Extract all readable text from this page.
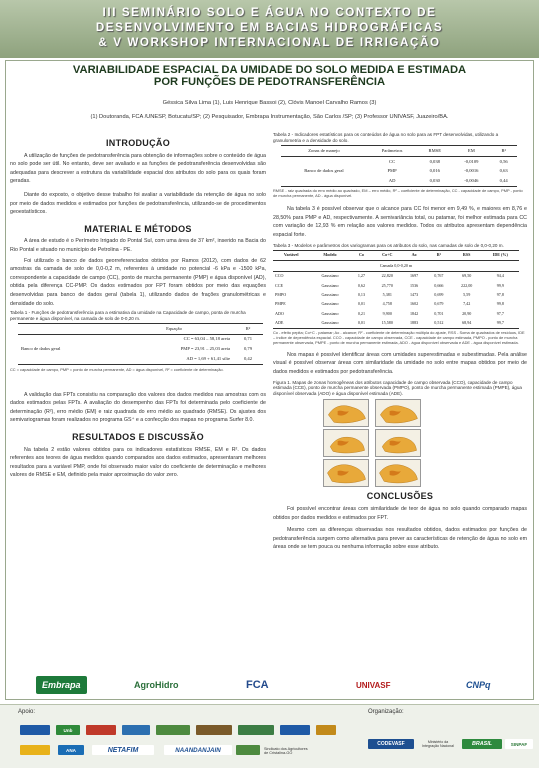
III SEMINÁRIO SOLO E ÁGUA NO CONTEXTO DE
DESENVOLVIMENTO EM BACIAS HIDROGRÁFICAS
& V WORKSHOP INTERNACIONAL DE IRRIGAÇÃO
VARIABILIDADE ESPACIAL DA UMIDADE DO SOLO MEDIDA E ESTIMADA
POR FUNÇÕES DE PEDOTRANSFERÊNCIA
Géssica Silva Lima (1), Luis Henrique Bassoi (2), Clóvis Manoel Carvalho Ramos (3)
(1) Doutoranda, FCA /UNESP, Botucatu/SP; (2) Pesquisador, Embrapa Instrumentação, São Carlos /SP; (3) Professor UNIVASF, Juazeiro/BA.
INTRODUÇÃO

A utilização de funções de pedotransferência para obtenção de informações sobre o conteúdo de água no solo pode ser útil. No entanto, deve ser avaliado e as funções de pedotransferência desenvolvidas são adequadas para descrever a estrutura da variabilidade espacial dos atributos do solo para os quais foram geradas.

Diante do exposto, o objetivo desse trabalho foi avaliar a variabilidade da retenção de água no solo por meio de dados medidos e estimados por funções de pedotransferência, utilizando-se de procedimentos geoestatísticos.

MATERIAL E MÉTODOS

A área de estudo é o Perímetro Irrigado do Pontal Sul, com uma área de 37 km², inserido na Bacia do Rio Pontal e situado no município de Petrolina - PE.

Foi utilizado o banco de dados georreferenciados obtidos por Ramos (2012), com dados de 62 amostras da camada de solo de 0,0-0,2 m, referentes à umidade no potencial -6 kPa e -1500 kPa, correspondente a capacidade de campo (CC), ponto de murcha permanente (PMP) e água disponível (AD), obtida pela diferença CC-PMP. Os dados estimados por FPT foram obtidos por meio das equações desenvolvidas para banco de dados geral (tabela 1), utilizando dados de frações granulométricas e densidade do solo.

Tabela 1 - Funções de pedotransferência para a estimativa da umidade na Capacidade de campo, ponta de murcha permanente e água disponível, na camada de solo de 0-0,20 m.
	Equação	R²
Banco de dados geral	CC = 63,04 – 58,18 areia	0,71
	PMP = 23,91 – 25,03 areia	0,79
	AD = 1,69 + 61,41 silte	0,42
CC = capacidade de campo, PMP = ponto de murcha permanente, AD = água disponível, R² = coeficiente de determinação.

A validação das FPTs consistiu na comparação dos valores dos dados medidos nas amostras com os dados estimados pelas FPTs. A avaliação do desempenho das FPTs foi determinada pelo coeficiente de determinação (R²), erro médio (EM) e raiz quadrada do erro médio ao quadrado (RMSE). Os ajustes dos semivariogramas foram realizados no programa GS⁺ e a confecção dos mapas no programa Surfer 8.0.

RESULTADOS E DISCUSSÃO

Na tabela 2 estão valores obtidos para os indicadores estatísticos RMSE, EM e R². Os dados referentes aos teores de água medidos quando comparados aos dados estimados, apresentaram melhores resultados para a variável PMP, onde foi observado maior valor do coeficiente de determinação e melhores valores de RMSE e EM, definido pela maior aproximação do valor zero.

Tabela 2 - Indicadores estatísticos para os conteúdos de água no solo para as FPT desenvolvidas, utilizando a granulometria e a densidade do solo.
Zonas de manejo	Parâmetros	RMSE	EM	R²
Banco de dados geral	CC	0,038	-0,0109	0,56
	PMP	0,016	-0,0016	0,63
	AD	0,030	-0,0046	0,44
RMSE - raiz quadrada do erro médio ao quadrado, EM – erro médio, R² – coeficiente de determinação, CC - capacidade de campo, PMP - ponto de murcha permanente, AD - água disponível.

Na tabela 3 é possível observar que o alcance para CC foi menor em 9,49 %, e maiores em 8,76 e 28,50% para PMP e AD, respectivamente. A semivariância total, ou patamar, foi melhor estimada para CC com variação de 12,93 % em relação aos valores medidos. Todos os atributos apresentam dependência espacial forte.

Tabela 3 - Modelos e parâmetros dos variogramas para os atributos do solo, nas camadas de solo de 0,0-0,20 m.
Variável	Modelo	Co	Co+C	Ao	R²	RSS	IDE (%)
Camada 0,0-0,20 m							
CCO	Gaussiano	1,27	22,820	1697	0,767	69,50	94,4
CCE	Gaussiano	0,62	25,770	1536	0,666	222,00	99,9
PMPO	Gaussiano	0,13	5,381	1473	0,699	5,59	97,8
PMPE	Gaussiano	0,01	4,758	1602	0,679	7,42	99,8
ADO	Gaussiano	0,21	9,900	1842	0,701	20,90	97,7
ADE	Gaussiano	0,01	15,580	1883	0,512	68,94	99,7
Co - efeito pepita; Co+C - patamar; Ao - alcance; R² - coeficiente de determinação múltipla do ajuste, RSS - Soma de quadrados de resíduos, IDE – índice de dependência espacial. CCO - capacidade de campo observada, CCE - capacidade de campo estimada, PMPO - ponto de murcha permanente observada, PMPE - ponto de murcha permanente estimada, ADO - água disponível observada e ADE - água disponível estimada.

Nos mapas é possível identificar áreas com umidades superestimadas e subestimadas. Pela análise visual é possível observar áreas com similaridade da umidade no solo entre mapas obtidos por meio de dados medidos e estimados por pedotransferência.

Figura 1. Mapas de zonas homogêneas dos atributos capacidade de campo observada (CCO), capacidade de campo estimada (CCE), ponto de murcha permanente observada (PMPO), ponto de murcha permanente estimada (PMPE), água disponível observada (ADO) e água disponível estimada (ADE).
CONCLUSÕES

Foi possível encontrar áreas com similaridade de teor de água no solo quando comparado mapas obtidos por dados medidos e estimados por FPT.

Mesmo com as diferenças observadas nos resultados obtidos, dados estimados por funções de pedotransferência surgem como alternativa para prever as características de retenção de água no solo em áreas onde se tem pouca ou nenhuma informação sobre esse atributo.

Embrapa	AgroHidro	FCA	UNIVASF	CNPq
Apoio:	Organização:
Unb
ANA	NETAFIM	NAANDANJAIN	Sindicato dos Agricultores de Cristalina-GO
CODEVASF	Ministério da Integração Nacional	BRASIL	SINPAF
